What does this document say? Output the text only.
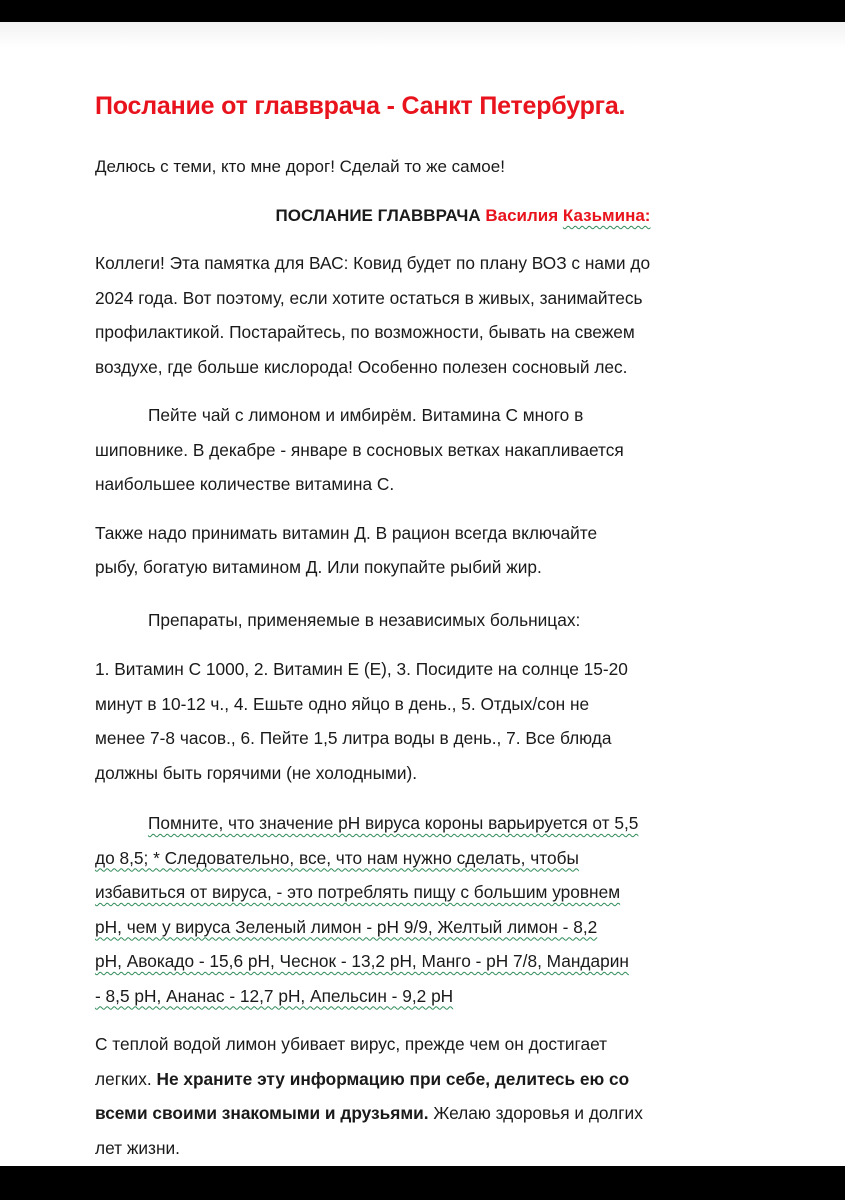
Послание от главврача - Санкт Петербурга.

Делюсь с теми, кто мне дорог! Сделай то же самое!

ПОСЛАНИЕ ГЛАВВРАЧА Василия Казьмина:

Коллеги! Эта памятка для ВАС: Ковид будет по плану ВОЗ с нами до
2024 года. Вот поэтому, если хотите остаться в живых, занимайтесь
профилактикой. Постарайтесь, по возможности, бывать на свежем
воздухе, где больше кислорода! Особенно полезен сосновый лес.
Пейте чай с лимоном и имбирём. Витамина С много в
шиповнике. В декабре - январе в сосновых ветках накапливается
наибольшее количестве витамина С.
Также надо принимать витамин Д. В рацион всегда включайте
рыбу, богатую витамином Д. Или покупайте рыбий жир.
Препараты, применяемые в независимых больницах:
1. Витамин С 1000, 2. Витамин Е (Е), 3. Посидите на солнце 15-20
минут в 10-12 ч., 4. Ешьте одно яйцо в день., 5. Отдых/сон не
менее 7-8 часов., 6. Пейте 1,5 литра воды в день., 7. Все блюда
должны быть горячими (не холодными).
Помните, что значение рН вируса короны варьируется от 5,5
до 8,5; * Следовательно, все, что нам нужно сделать, чтобы
избавиться от вируса, - это потреблять пищу с большим уровнем
рН, чем у вируса Зеленый лимон - рН 9/9, Желтый лимон - 8,2
рН, Авокадо - 15,6 рН, Чеснок - 13,2 рН, Манго - рН 7/8, Мандарин
- 8,5 рН, Ананас - 12,7 рН, Апельсин - 9,2 рН
С теплой водой лимон убивает вирус, прежде чем он достигает
легких. Не храните эту информацию при себе, делитесь ею со
всеми своими знакомыми и друзьями. Желаю здоровья и долгих
лет жизни.
